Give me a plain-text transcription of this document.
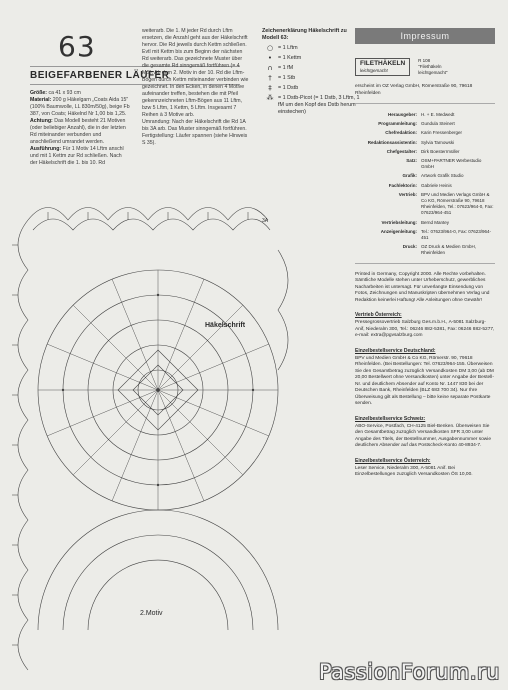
63
BEIGEFARBENER LÄUFER
Größe: ca 41 x 93 cm
Material: 200 g Häkelgarn „Coats Aida 15" (100% Baumwolle, LL 830m/50g), beige Fb 387, von Coats; Häkelnd Nr 1,00 bis 1,25.
Achtung: Das Modell besteht 21 Motiven (oder beliebiger Anzahl), die in der letzten Rd miteinander verbunden und anschließend umrandet werden.
Ausführung: Für 1 Motiv 14 Lftm anschl und mit 1 Kettm zur Rd schließen. Nach der Häkelschrift die 1. bis 10. Rd
weiterarb. Die 1. M jeder Rd durch Lftm ersetzen, die Anzahl geht aus der Häkelschrift hervor. Die Rd jeweils durch Kettm schließen. Evtl mit Kettm bis zum Beginn der nächsten Rd weiterarb. Das gezeichnete Muster über die gesamte Rd sinngemäß fortführen (= 4 MS). Ab dem 2. Motiv in der 10. Rd die Lftm-Bögen durch Kettm miteinander verbinden wie gezeichnet. In den Ecken, in denen 4 Motive aufeinander treffen, bestehen die mit Pfeil gekennzeichneten Lftm-Bögen aus 11 Lftm, bzw 5 Lftm, 1 Kettm, 5 Lftm. Insgesamt 7 Reihen à 3 Motive arb.
Umrandung: Nach der Häkelschrift die Rd 1A bis 3A arb. Das Muster sinngemäß fortführen.
Fertigstellung: Läufer spannen (siehe Hinweis S 35).
Zeichenerklärung Häkelschrift zu Modell 63:
○ = 1 Lftm
•	= 1 Kettm
∩	= 1 fM
†	= 1 Stb
‡	= 1 Dstb
⁂ = 1 Dstb-Picot (= 1 Dstb, 3 Lftm, 1 fM um den Kopf des Dstb herum einstechen)
3A
Häkelschrift
2.Motiv
Impressum
FILETHÄKELN
leichtgemacht
R 108
"Filethäkeln
leichtgemacht"
erscheint im OZ Verlag GmbH, Römerstraße 90, 79618 Rheinfelden
Herausgeber: H. + E. Medwedt
Programmleitung: Gundula Steinert
Chefredaktion: Karin Fressenberger
Redaktionsassistentin: Sylvia Tarnowski
Chefgestalter: Dirk Boesterrmüller
Satz: OSM+PARTNER Werbestudio GmbH
Grafik: Artwork Grafik Studio
Fachlektorin: Gabriele Heinis
Vertrieb: BPV und Medien Verlags GmbH & Co KG, Römerstraße 90, 79618 Rheinfelden, Tel.: 07623/964-0, Fax: 07623/964-451
Vertriebsleitung: Bernd Mantey
Anzeigenleitung: Tel.: 07623/964-0, Fax: 07623/964-451
Druck: OZ Druck & Medien GmbH, Rheinfelden
Printed in Germany, Copyright 2000. Alle Rechte vorbehalten. Sämtliche Modelle stehen unter Urheberschutz, gewerbliches Nacharbeiten ist untersagt. Für unverlangte Einsendung von Fotos, Zeichnungen und Manuskripten übernehmen Verlag und Redaktion keinerlei Haftung! Alle Anleitungen ohne Gewähr!
Vertrieb Österreich:
Pressegrossovertrieb Salzburg Ges.m.b.H., A-5081 Salzburg-Anif, Niederalm 300, Tel.: 06246 882-5381, Fax: 06246 882-5277, e-mail: extra@pgvsalzburg.com
Einzelbestellservice Deutschland:
BPV und Medien GmbH & Co KG, Römerstr. 90, 79618 Rheinfelden. (Bei Bestellungen: Tel. 07623/964-155. Überweisen Sie den Gesamtbetrag zuzüglich Versandkosten DM 3,00 (ab DM 20,00 Bestellwert ohne Versandkosten) unter Angabe der Bestell-Nr. und deutlichem Absender auf Konto Nr. 1447 830 bei der Deutschen Bank, Rheinfelden (BLZ 683 700 34). Nur Ihre Überweisung gilt als Bestellung – bitte keine separate Postkarte senden.
Einzelbestellservice Schweiz:
ABO-Service, Postfach, CH-4125 Biel-Benken. Überweisen Sie den Gesamtbetrag zuzüglich Versandkosten SFR 3,00 unter Angabe des Titels, der Bestellnummer, Ausgabennummer sowie deutlichem Absender auf das Postscheck-Konto 40-8934-7.
Einzelbestellservice Österreich:
Leser Service, Niederalm 300, A-5081 Anif. Bei Einzelbestellungen zuzüglich Versandkosten ÖS 10,00.
PassionForum.ru
